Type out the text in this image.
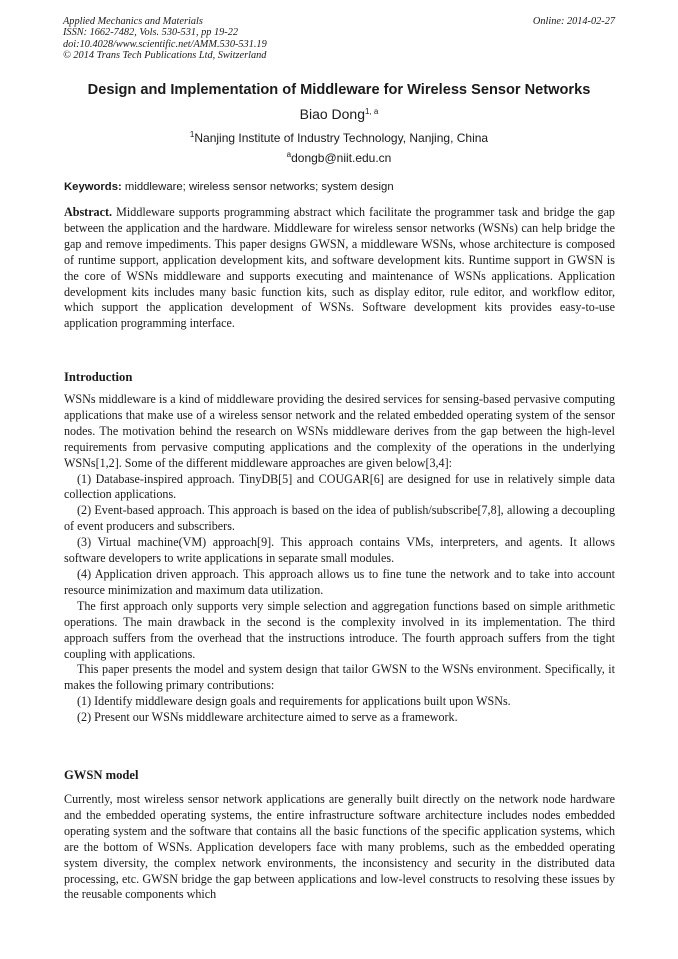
Applied Mechanics and Materials
ISSN: 1662-7482, Vols. 530-531, pp 19-22
doi:10.4028/www.scientific.net/AMM.530-531.19
© 2014 Trans Tech Publications Ltd, Switzerland
Online: 2014-02-27
Design and Implementation of Middleware for Wireless Sensor Networks
Biao Dong$^{1, a}$
$^1$Nanjing Institute of Industry Technology, Nanjing, China
$^a$dongb@niit.edu.cn
Keywords: middleware; wireless sensor networks; system design
Abstract. Middleware supports programming abstract which facilitate the programmer task and bridge the gap between the application and the hardware. Middleware for wireless sensor networks (WSNs) can help bridge the gap and remove impediments. This paper designs GWSN, a middleware WSNs, whose architecture is composed of runtime support, application development kits, and software development kits. Runtime support in GWSN is the core of WSNs middleware and supports executing and maintenance of WSNs applications. Application development kits includes many basic function kits, such as display editor, rule editor, and workflow editor, which support the application development of WSNs. Software development kits provides easy-to-use application programming interface.
Introduction

WSNs middleware is a kind of middleware providing the desired services for sensing-based pervasive computing applications that make use of a wireless sensor network and the related embedded operating system of the sensor nodes. The motivation behind the research on WSNs middleware derives from the gap between the high-level requirements from pervasive computing applications and the complexity of the operations in the underlying WSNs[1,2]. Some of the different middleware approaches are given below[3,4]:

(1) Database-inspired approach. TinyDB[5] and COUGAR[6] are designed for use in relatively simple data collection applications.

(2) Event-based approach. This approach is based on the idea of publish/subscribe[7,8], allowing a decoupling of event producers and subscribers.

(3) Virtual machine(VM) approach[9]. This approach contains VMs, interpreters, and agents. It allows software developers to write applications in separate small modules.

(4) Application driven approach. This approach allows us to fine tune the network and to take into account resource minimization and maximum data utilization.

The first approach only supports very simple selection and aggregation functions based on simple arithmetic operations. The main drawback in the second is the complexity involved in its implementation. The third approach suffers from the overhead that the instructions introduce. The fourth approach suffers from the tight coupling with applications.

This paper presents the model and system design that tailor GWSN to the WSNs environment. Specifically, it makes the following primary contributions:

(1) Identify middleware design goals and requirements for applications built upon WSNs.

(2) Present our WSNs middleware architecture aimed to serve as a framework.

GWSN model

Currently, most wireless sensor network applications are generally built directly on the network node hardware and the embedded operating systems, the entire infrastructure software architecture includes nodes embedded operating system and the software that contains all the basic functions of the specific application systems, which are the bottom of WSNs. Application developers face with many problems, such as the embedded operating system diversity, the complex network environments, the inconsistency and security in the distributed data processing, etc. GWSN bridge the gap between applications and low-level constructs to resolving these issues by the reusable components which
